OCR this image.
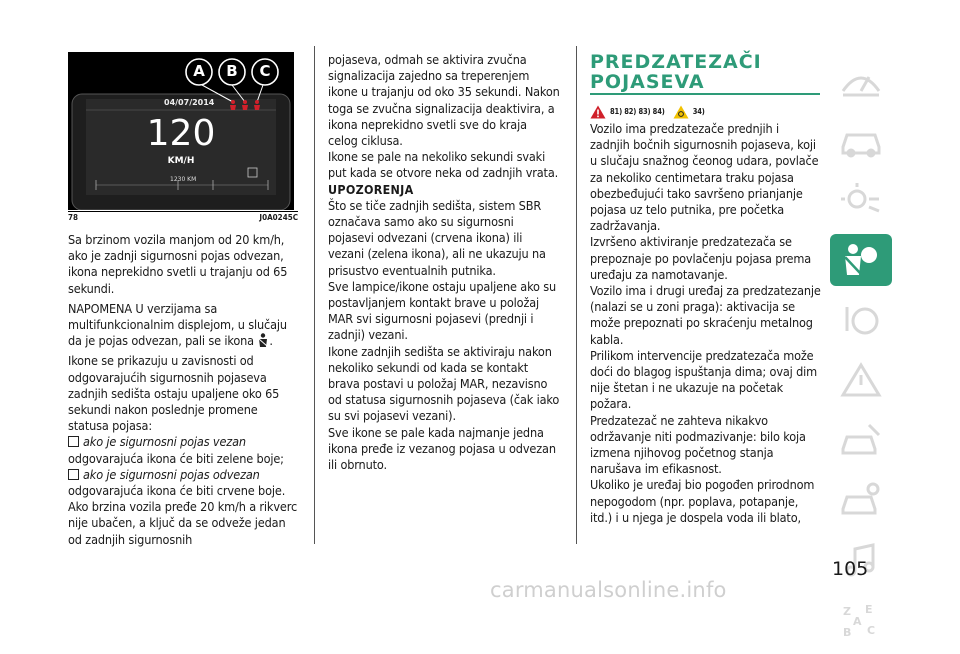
A B C
04/07/2014
120
KM/H
1230 KM
78	J0A0245C

Sa brzinom vozila manjom od 20 km/h, ako je zadnji sigurnosni pojas odvezan, ikona neprekidno svetli u trajanju od 65 sekundi.

NAPOMENA U verzijama sa multifunkcionalnim displejom, u slučaju da je pojas odvezan, pali se ikona .

Ikone se prikazuju u zavisnosti od odgovarajućih sigurnosnih pojaseva zadnjih sedišta ostaju upaljene oko 65 sekundi nakon poslednje promene statusa pojasa:

ako je sigurnosni pojas vezan

odgovarajuća ikona će biti zelene boje;

ako je sigurnosni pojas odvezan

odgovarajuća ikona će biti crvene boje.

Ako brzina vozila pređe 20 km/h a rikverc nije ubačen, a ključ da se odveže jedan od zadnjih sigurnosnih

pojaseva, odmah se aktivira zvučna signalizacija zajedno sa treperenjem ikone u trajanju od oko 35 sekundi. Nakon toga se zvučna signalizacija deaktivira, a ikona neprekidno svetli sve do kraja celog ciklusa.

Ikone se pale na nekoliko sekundi svaki put kada se otvore neka od zadnjih vrata.

UPOZORENJA

Što se tiče zadnjih sedišta, sistem SBR označava samo ako su sigurnosni pojasevi odvezani (crvena ikona) ili vezani (zelena ikona), ali ne ukazuju na prisustvo eventualnih putnika.

Sve lampice/ikone ostaju upaljene ako su postavljanjem kontakt brave u položaj MAR svi sigurnosni pojasevi (prednji i zadnji) vezani.

Ikone zadnjih sedišta se aktiviraju nakon nekoliko sekundi od kada se kontakt brava postavi u položaj MAR, nezavisno od statusa sigurnosnih pojaseva (čak iako su svi pojasevi vezani).

Sve ikone se pale kada najmanje jedna ikona pređe iz vezanog pojasa u odvezan ili obrnuto.

PREDZATEZAČI
POJASEVA
81) 82) 83) 84)	34)

Vozilo ima predzatezače prednjih i zadnjih bočnih sigurnosnih pojaseva, koji u slučaju snažnog čeonog udara, povlače za nekoliko centimetara traku pojasa obezbeđujući tako savršeno prianjanje pojasa uz telo putnika, pre početka zadržavanja.

Izvršeno aktiviranje predzatezača se prepoznaje po povlačenju pojasa prema uređaju za namotavanje.

Vozilo ima i drugi uređaj za predzatezanje (nalazi se u zoni praga): aktivacija se može prepoznati po skraćenju metalnog kabla.

Prilikom intervencije predzatezača može doći do blagog ispuštanja dima; ovaj dim nije štetan i ne ukazuje na početak požara.

Predzatezač ne zahteva nikakvo održavanje niti podmazivanje: bilo koja izmena njihovog početnog stanja narušava im efikasnost.

Ukoliko je uređaj bio pogođen prirodnom nepogodom (npr. poplava, potapanje, itd.) i u njega je dospela voda ili blato,

Z E
A
B C
105
carmanualsonline.info
